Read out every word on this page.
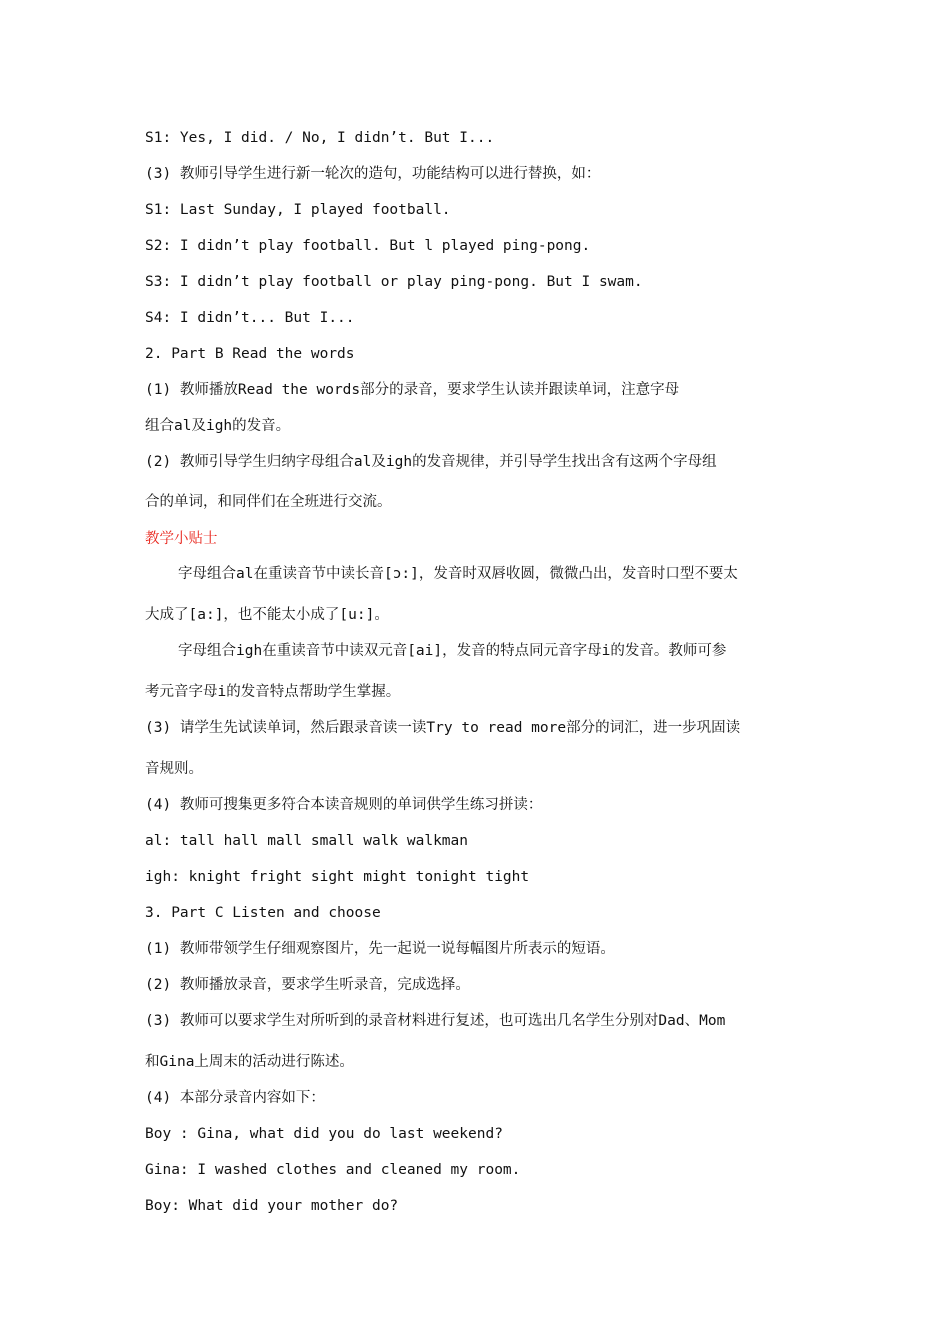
S1: Yes, I did. / No, I didn’t. But I...
(3) 教师引导学生进行新一轮次的造句，功能结构可以进行替换，如：
S1: Last Sunday, I played football.
S2: I didn’t play football. But l played ping-pong.
S3: I didn’t play football or play ping-pong. But I swam.
S4: I didn’t... But I...
2. Part B Read the words
(1) 教师播放Read the words部分的录音，要求学生认读并跟读单词，注意字母
组合al及igh的发音。
(2) 教师引导学生归纳字母组合al及igh的发音规律，并引导学生找出含有这两个字母组
合的单词，和同伴们在全班进行交流。
教学小贴士
字母组合al在重读音节中读长音[ɔ:]，发音时双唇收圆，微微凸出，发音时口型不要太
大成了[a:]，也不能太小成了[u:]。
字母组合igh在重读音节中读双元音[ai]，发音的特点同元音字母i的发音。教师可参
考元音字母i的发音特点帮助学生掌握。
(3) 请学生先试读单词，然后跟录音读一读Try to read more部分的词汇，进一步巩固读
音规则。
(4) 教师可搜集更多符合本读音规则的单词供学生练习拼读：
al: tall hall mall small walk walkman
igh: knight fright sight might tonight tight
3. Part C Listen and choose
(1) 教师带领学生仔细观察图片，先一起说一说每幅图片所表示的短语。
(2) 教师播放录音，要求学生听录音，完成选择。
(3) 教师可以要求学生对所听到的录音材料进行复述，也可选出几名学生分别对Dad、Mom
和Gina上周末的活动进行陈述。
(4) 本部分录音内容如下：
Boy : Gina, what did you do last weekend?
Gina: I washed clothes and cleaned my room.
Boy: What did your mother do?
